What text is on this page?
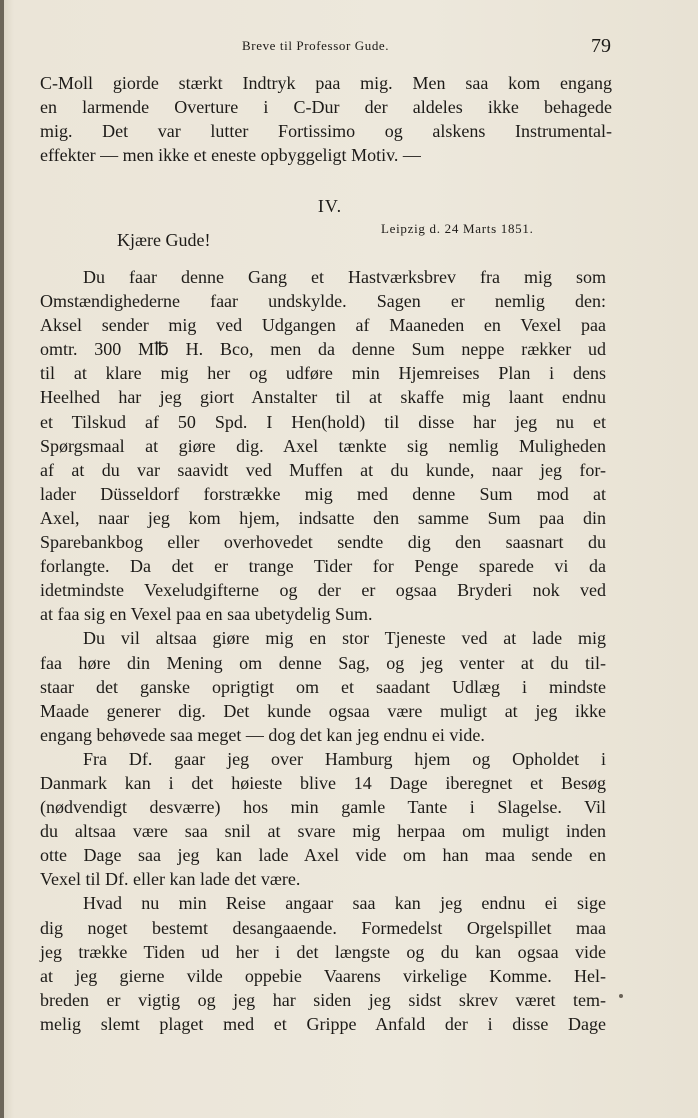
Breve til Professor Gude.	79
C-Moll giorde stærkt Indtryk paa mig. Men saa kom engang
en larmende Overture i C-Dur der aldeles ikke behagede
mig. Det var lutter Fortissimo og alskens Instrumental-
effekter — men ikke et eneste opbyggeligt Motiv. —
IV.
Leipzig d. 24 Marts 1851.
Kjære Gude!
Du faar denne Gang et Hastværksbrev fra mig som
Omstændighederne faar undskylde. Sagen er nemlig den:
Aksel sender mig ved Udgangen af Maaneden en Vexel paa
omtr. 300 M℔ H. Bco, men da denne Sum neppe rækker ud
til at klare mig her og udføre min Hjemreises Plan i dens
Heelhed har jeg giort Anstalter til at skaffe mig laant endnu
et Tilskud af 50 Spd. I Hen(hold) til disse har jeg nu et
Spørgsmaal at giøre dig. Axel tænkte sig nemlig Muligheden
af at du var saavidt ved Muffen at du kunde, naar jeg for-
lader Düsseldorf forstrække mig med denne Sum mod at
Axel, naar jeg kom hjem, indsatte den samme Sum paa din
Sparebankbog eller overhovedet sendte dig den saasnart du
forlangte. Da det er trange Tider for Penge sparede vi da
idetmindste Vexeludgifterne og der er ogsaa Bryderi nok ved
at faa sig en Vexel paa en saa ubetydelig Sum.
Du vil altsaa giøre mig en stor Tjeneste ved at lade mig
faa høre din Mening om denne Sag, og jeg venter at du til-
staar det ganske oprigtigt om et saadant Udlæg i mindste
Maade generer dig. Det kunde ogsaa være muligt at jeg ikke
engang behøvede saa meget — dog det kan jeg endnu ei vide.
Fra Df. gaar jeg over Hamburg hjem og Opholdet i
Danmark kan i det høieste blive 14 Dage iberegnet et Besøg
(nødvendigt desværre) hos min gamle Tante i Slagelse. Vil
du altsaa være saa snil at svare mig herpaa om muligt inden
otte Dage saa jeg kan lade Axel vide om han maa sende en
Vexel til Df. eller kan lade det være.
Hvad nu min Reise angaar saa kan jeg endnu ei sige
dig noget bestemt desangaaende. Formedelst Orgelspillet maa
jeg trække Tiden ud her i det længste og du kan ogsaa vide
at jeg gierne vilde oppebie Vaarens virkelige Komme. Hel-
breden er vigtig og jeg har siden jeg sidst skrev været tem-
melig slemt plaget med et Grippe Anfald der i disse Dage
